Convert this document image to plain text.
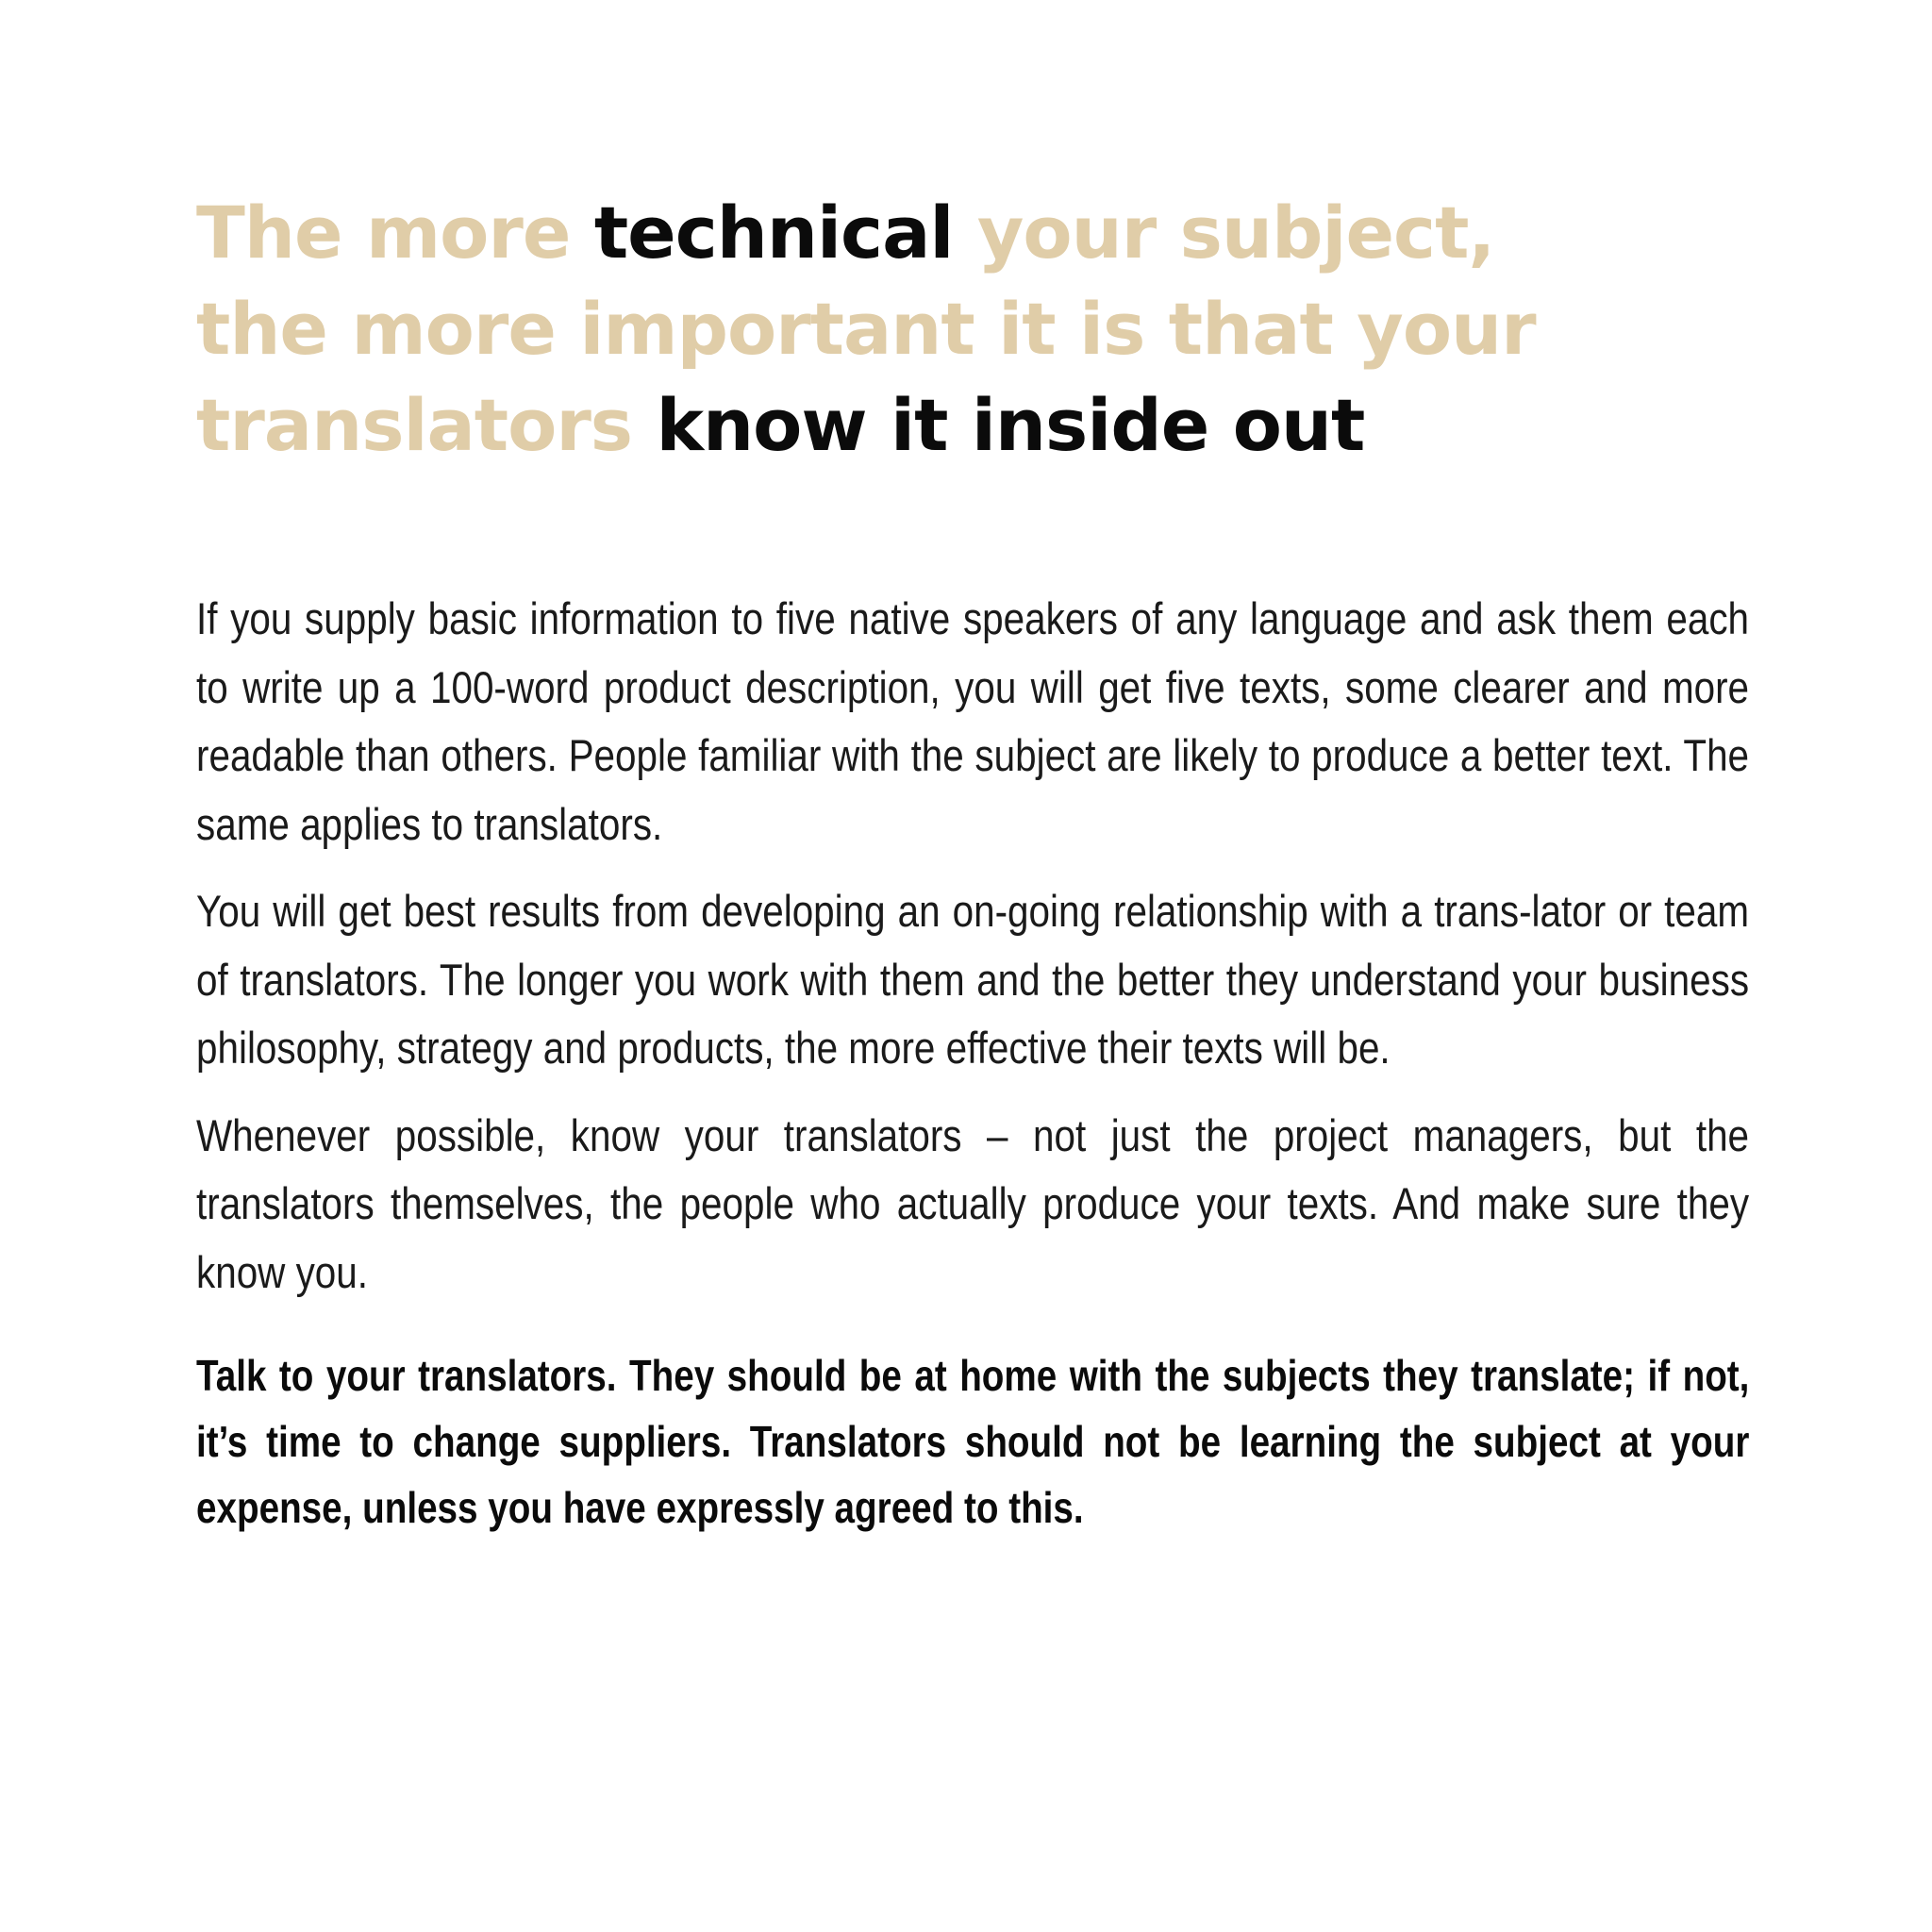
The more technical your subject,
the more important it is that your
translators know it inside out

If you supply basic information to five native speakers of any language and ask them each to write up a 100-word product description, you will get five texts, some clearer and more readable than others. People familiar with the subject are likely to produce a better text. The same applies to translators.

You will get best results from developing an on-going relationship with a trans-lator or team of translators. The longer you work with them and the better they understand your business philosophy, strategy and products, the more effective their texts will be.

Whenever possible, know your translators – not just the project managers, but the translators themselves, the people who actually produce your texts. And make sure they know you.

Talk to your translators. They should be at home with the subjects they translate; if not, it’s time to change suppliers. Translators should not be learning the subject at your expense, unless you have expressly agreed to this.
